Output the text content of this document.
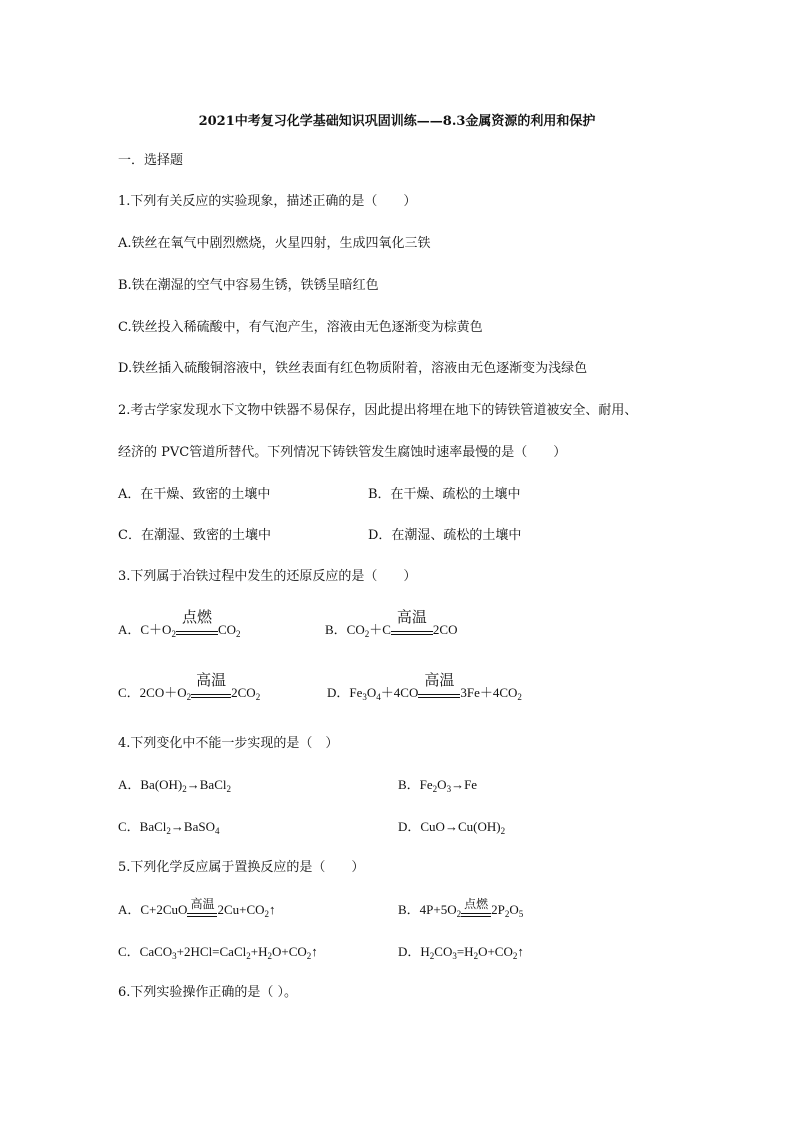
2021中考复习化学基础知识巩固训练——8.3金属资源的利用和保护
一．选择题
1.下列有关反应的实验现象，描述正确的是（　　）
A.铁丝在氧气中剧烈燃烧，火星四射，生成四氧化三铁
B.铁在潮湿的空气中容易生锈，铁锈呈暗红色
C.铁丝投入稀硫酸中，有气泡产生，溶液由无色逐渐变为棕黄色
D.铁丝插入硫酸铜溶液中，铁丝表面有红色物质附着，溶液由无色逐渐变为浅绿色
2.考古学家发现水下文物中铁器不易保存，因此提出将埋在地下的铸铁管道被安全、耐用、
经济的 PVC管道所替代。下列情况下铸铁管发生腐蚀时速率最慢的是（　　）
A．在干燥、致密的土壤中	B．在干燥、疏松的土壤中
C．在潮湿、致密的土壤中	D．在潮湿、疏松的土壤中
3.下列属于冶铁过程中发生的还原反应的是（　　）
A．$C+O_2$
点燃

$CO_2$	B．$CO_2+C$
高温

2CO
C．$2CO+O_2$
高温

$2CO_2$	D．$Fe_3O_4+4CO$
高温

$3Fe+4CO_2$
4.下列变化中不能一步实现的是（　）
A．$Ba(OH)_2\to BaCl_2$	B．$Fe_2O_3\to Fe$
C．BaCl$_2$→BaSO$_4$	D．$CuO\to Cu(OH)_2$
5.下列化学反应属于置换反应的是（　　）
A．C+2CuO 高温
$2Cu+CO_2↑$	B．$4P+5O_2$
点燃
$2P_2O_5$
C．$CaCO_3+2HCl=CaCl_2+H_2O+CO_2↑$	D．$H_2CO_3=H_2O+CO_2↑$
6.下列实验操作正确的是（ ）。
